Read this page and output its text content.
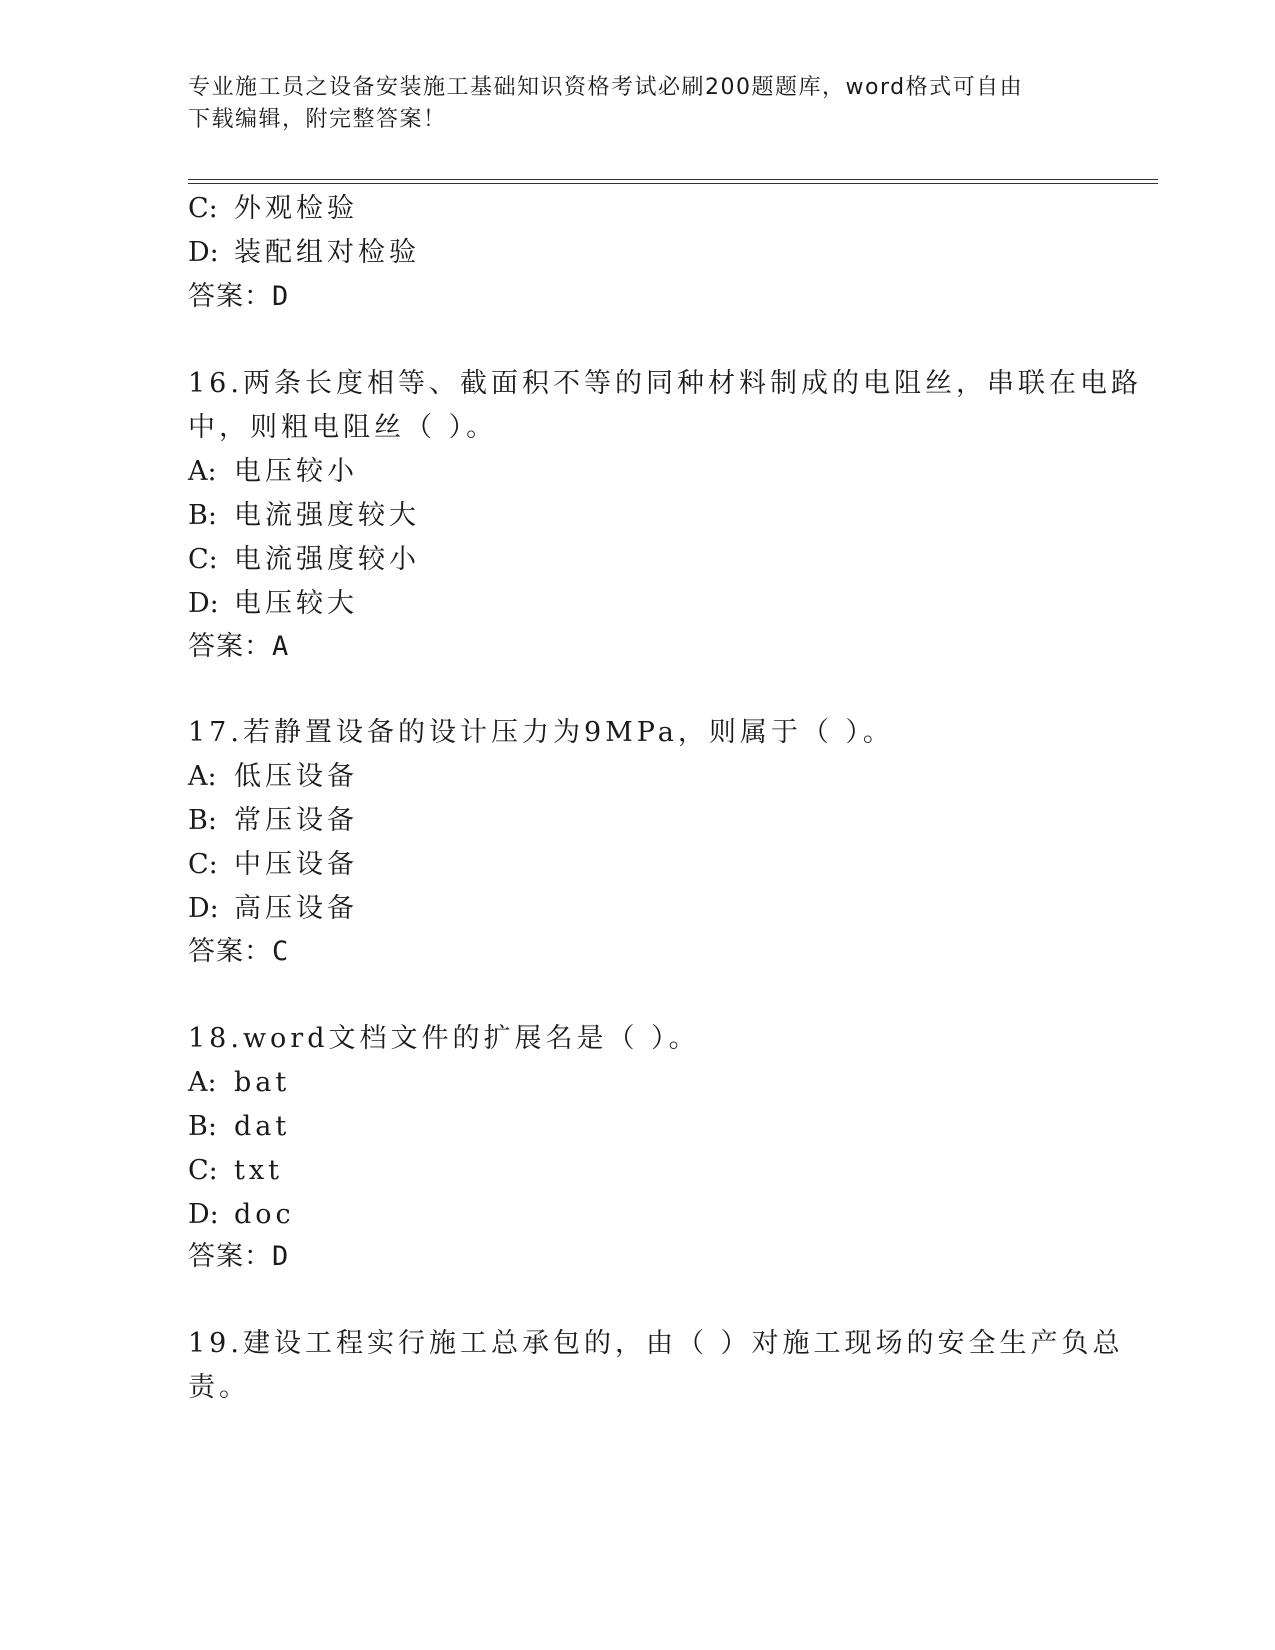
专业施工员之设备安装施工基础知识资格考试必刷200题题库，word格式可自由
下载编辑，附完整答案！
C: 外观检验
D: 装配组对检验
答案：D
16.两条长度相等、截面积不等的同种材料制成的电阻丝，串联在电路
中，则粗电阻丝（ ）。
A: 电压较小
B: 电流强度较大
C: 电流强度较小
D: 电压较大
答案：A
17.若静置设备的设计压力为9MPa，则属于（ ）。
A: 低压设备
B: 常压设备
C: 中压设备
D: 高压设备
答案：C
18.word文档文件的扩展名是（ ）。
A: bat
B: dat
C: txt
D: doc
答案：D
19.建设工程实行施工总承包的，由（ ）对施工现场的安全生产负总
责。
